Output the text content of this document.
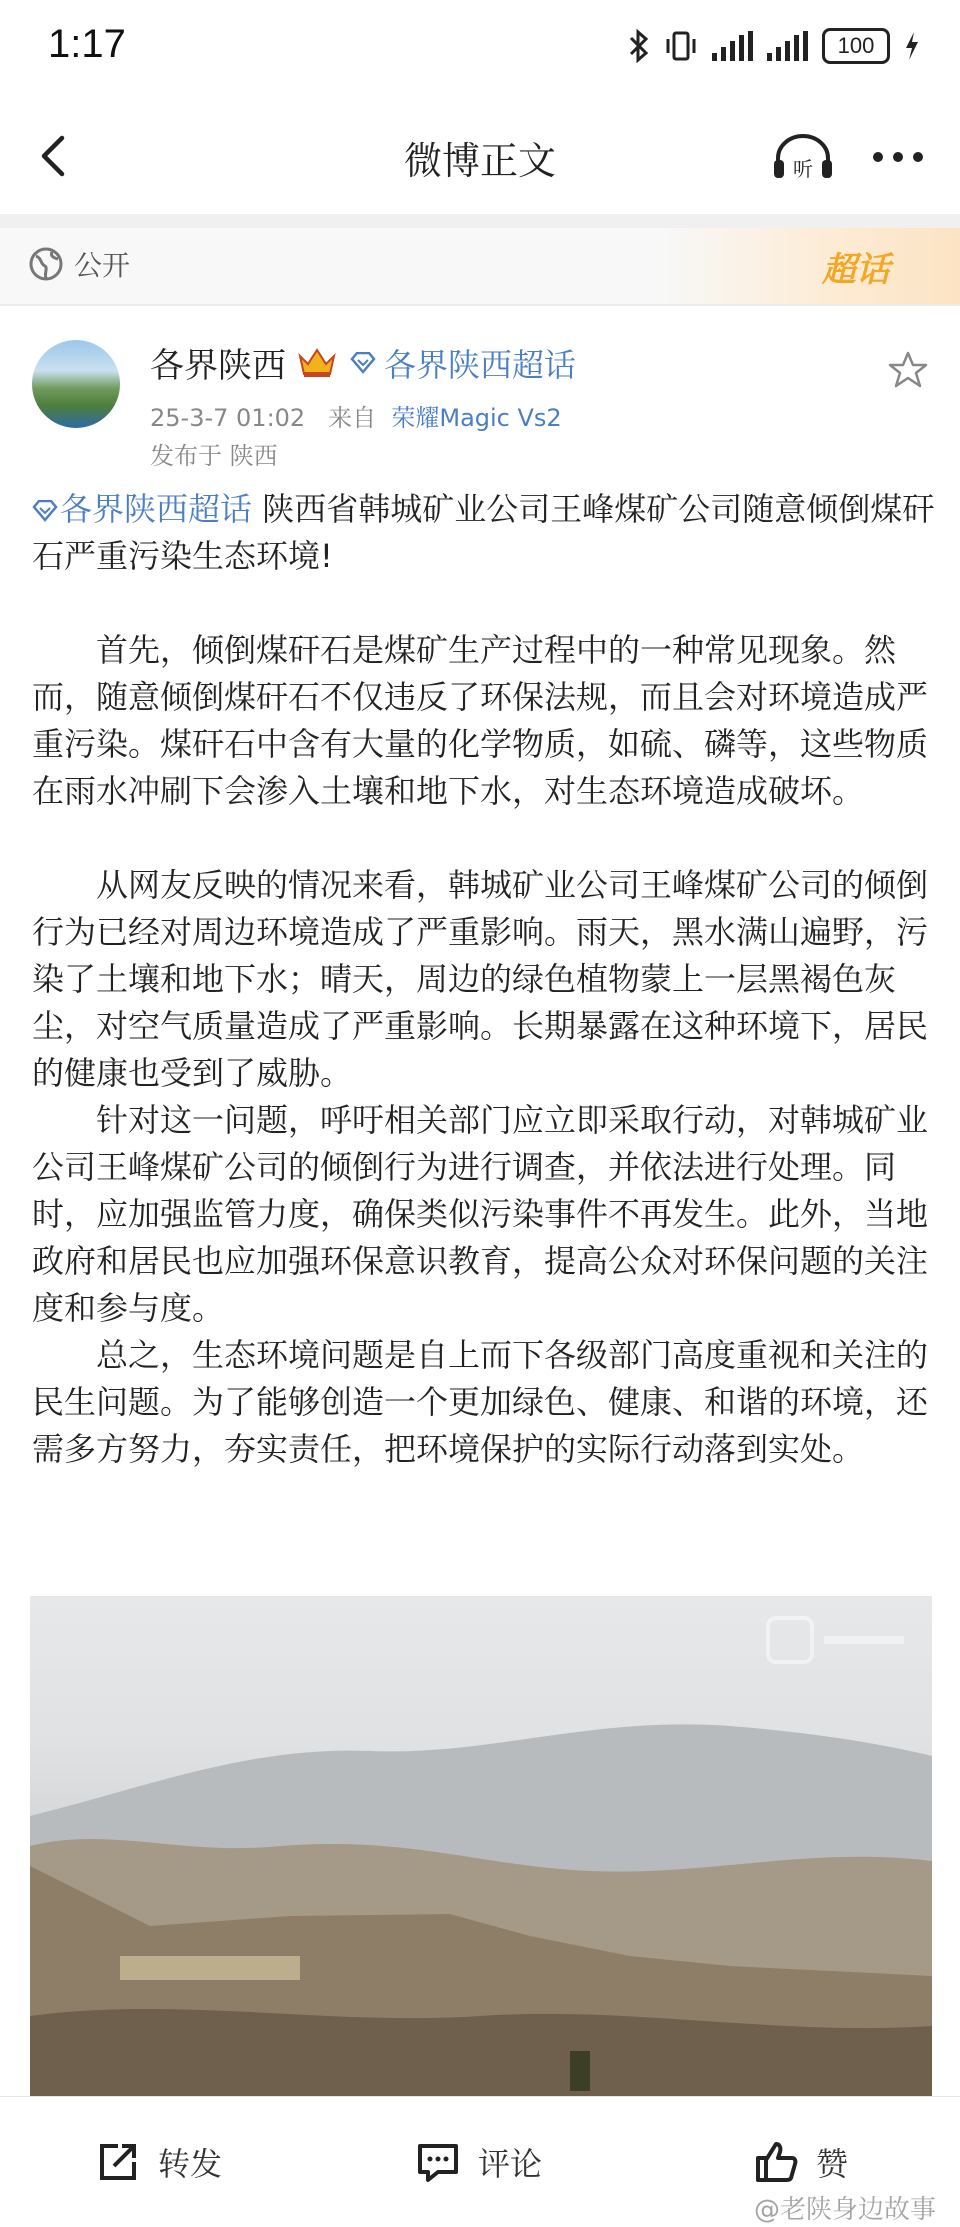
1:17	100
微博正文	听
公开	超话
各界陕西	各界陕西超话
25-3-7 01:02 来自 荣耀Magic Vs2
发布于 陕西

各界陕西超话 陕西省韩城矿业公司王峰煤矿公司随意倾倒煤矸石严重污染生态环境!

首先，倾倒煤矸石是煤矿生产过程中的一种常见现象。然而，随意倾倒煤矸石不仅违反了环保法规，而且会对环境造成严重污染。煤矸石中含有大量的化学物质，如硫、磷等，这些物质在雨水冲刷下会渗入土壤和地下水，对生态环境造成破坏。

从网友反映的情况来看，韩城矿业公司王峰煤矿公司的倾倒行为已经对周边环境造成了严重影响。雨天，黑水满山遍野，污染了土壤和地下水；晴天，周边的绿色植物蒙上一层黑褐色灰尘，对空气质量造成了严重影响。长期暴露在这种环境下，居民的健康也受到了威胁。

针对这一问题，呼吁相关部门应立即采取行动，对韩城矿业公司王峰煤矿公司的倾倒行为进行调查，并依法进行处理。同时，应加强监管力度，确保类似污染事件不再发生。此外，当地政府和居民也应加强环保意识教育，提高公众对环保问题的关注度和参与度。

总之，生态环境问题是自上而下各级部门高度重视和关注的民生问题。为了能够创造一个更加绿色、健康、和谐的环境，还需多方努力，夯实责任，把环境保护的实际行动落到实处。

转发	评论	赞
@老陕身边故事
